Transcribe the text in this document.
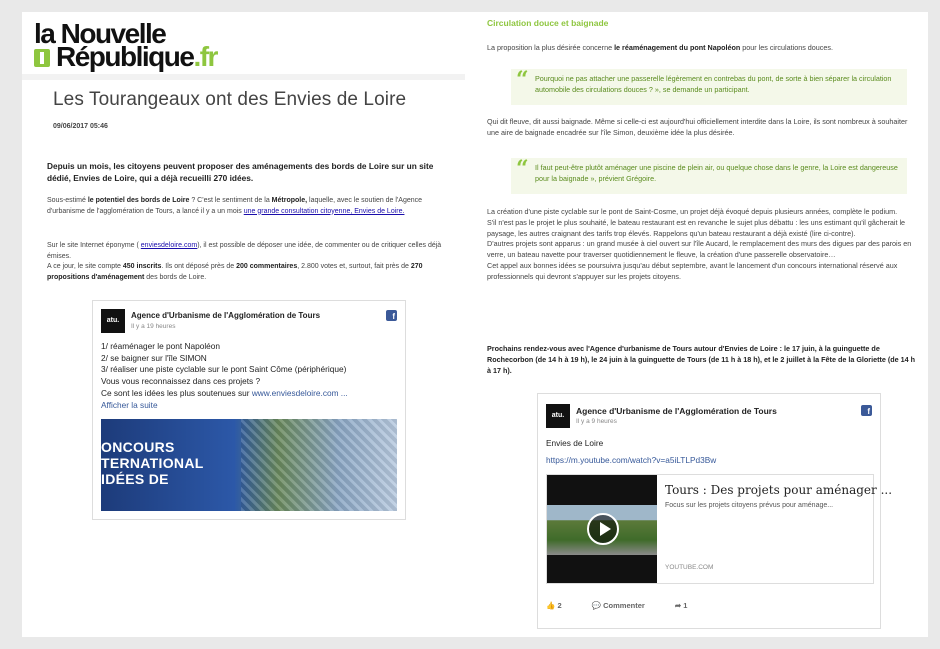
la Nouvelle
République.fr
Les Tourangeaux ont des Envies de Loire
09/06/2017 05:46

Depuis un mois, les citoyens peuvent proposer des aménagements des bords de Loire sur un site dédié, Envies de Loire, qui a déjà recueilli 270 idées.

Sous-estimé le potentiel des bords de Loire ? C'est le sentiment de la Métropole, laquelle, avec le soutien de l'Agence d'urbanisme de l'agglomération de Tours, a lancé il y a un mois une grande consultation citoyenne, Envies de Loire.

Sur le site Internet éponyme ( enviesdeloire.com), il est possible de déposer une idée, de commenter ou de critiquer celles déjà émises.
A ce jour, le site compte 450 inscrits. Ils ont déposé près de 200 commentaires, 2.800 votes et, surtout, fait près de 270 propositions d'aménagement des bords de Loire.

atu.
Agence d'Urbanisme de l'Agglomération de Tours
Il y a 19 heures
f
1/ réaménager le pont Napoléon
2/ se baigner sur l'île SIMON
3/ réaliser une piste cyclable sur le pont Saint Côme (périphérique)
Vous vous reconnaissez dans ces projets ?
Ce sont les idées les plus soutenues sur www.enviesdeloire.com ...
Afficher la suite
ONCOURS
TERNATIONAL
IDÉES DE
Circulation douce et baignade

La proposition la plus désirée concerne le réaménagement du pont Napoléon pour les circulations douces.

“ Pourquoi ne pas attacher une passerelle légèrement en contrebas du pont, de sorte à bien séparer la circulation automobile des circulations douces ? », se demande un participant.

Qui dit fleuve, dit aussi baignade. Même si celle-ci est aujourd'hui officiellement interdite dans la Loire, ils sont nombreux à souhaiter une aire de baignade encadrée sur l'île Simon, deuxième idée la plus désirée.

“ Il faut peut-être plutôt aménager une piscine de plein air, ou quelque chose dans le genre, la Loire est dangereuse pour la baignade », prévient Grégoire.
La création d'une piste cyclable sur le pont de Saint-Cosme, un projet déjà évoqué depuis plusieurs années, complète le podium.
S'il n'est pas le projet le plus souhaité, le bateau restaurant est en revanche le sujet plus débattu : les uns estimant qu'il gâcherait le paysage, les autres craignant des tarifs trop élevés. Rappelons qu'un bateau restaurant a déjà existé (lire ci-contre).
D'autres projets sont apparus : un grand musée à ciel ouvert sur l'île Aucard, le remplacement des murs des digues par des parois en verre, un bateau navette pour traverser quotidiennement le fleuve, la création d'une passerelle observatoire…
Cet appel aux bonnes idées se poursuivra jusqu'au début septembre, avant le lancement d'un concours international réservé aux professionnels qui devront s'appuyer sur les projets citoyens.

Prochains rendez-vous avec l'Agence d'urbanisme de Tours autour d'Envies de Loire : le 17 juin, à la guinguette de Rochecorbon (de 14 h à 19 h), le 24 juin à la guinguette de Tours (de 11 h à 18 h), et le 2 juillet à la Fête de la Gloriette (de 14 h à 17 h).

atu.	Agence d'Urbanisme de l'Agglomération de Tours
Il y a 9 heures
f
Envies de Loire
https://m.youtube.com/watch?v=a5iLTLPd3Bw
Tours : Des projets pour aménager ...
Focus sur les projets citoyens prévus pour aménage...
YOUTUBE.COM
👍 2	💬 Commenter	➦ 1
